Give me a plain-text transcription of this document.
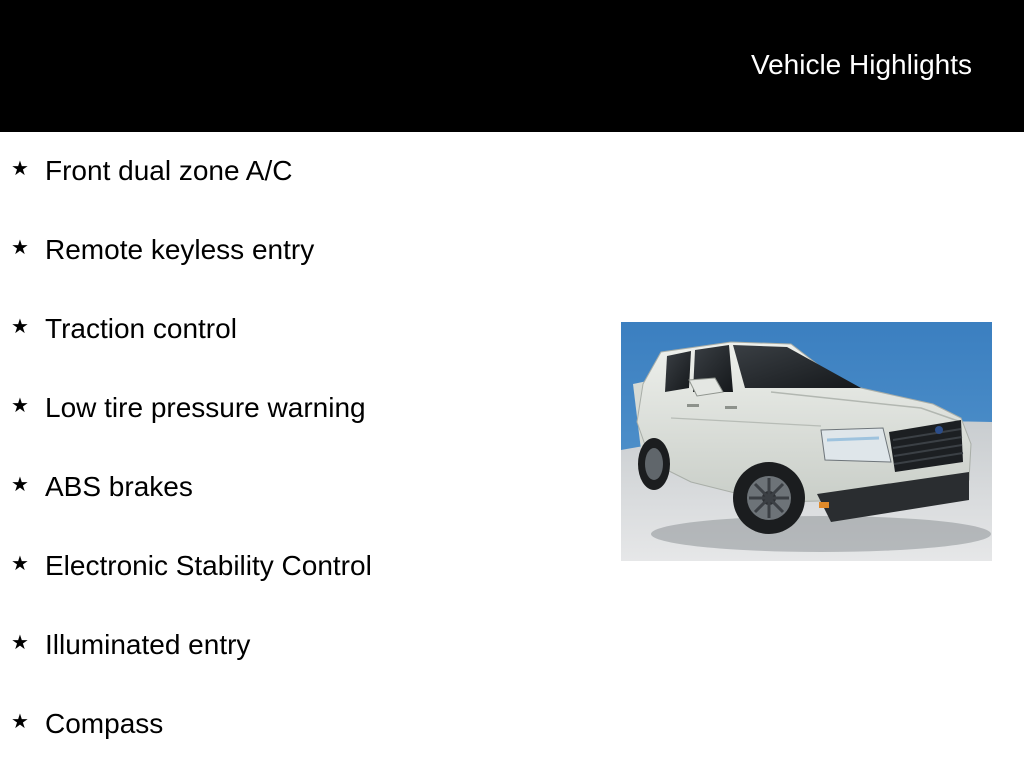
Vehicle Highlights
★ Front dual zone A/C
★ Remote keyless entry
★ Traction control
★ Low tire pressure warning
★ ABS brakes
★ Electronic Stability Control
★ Illuminated entry
★ Compass
